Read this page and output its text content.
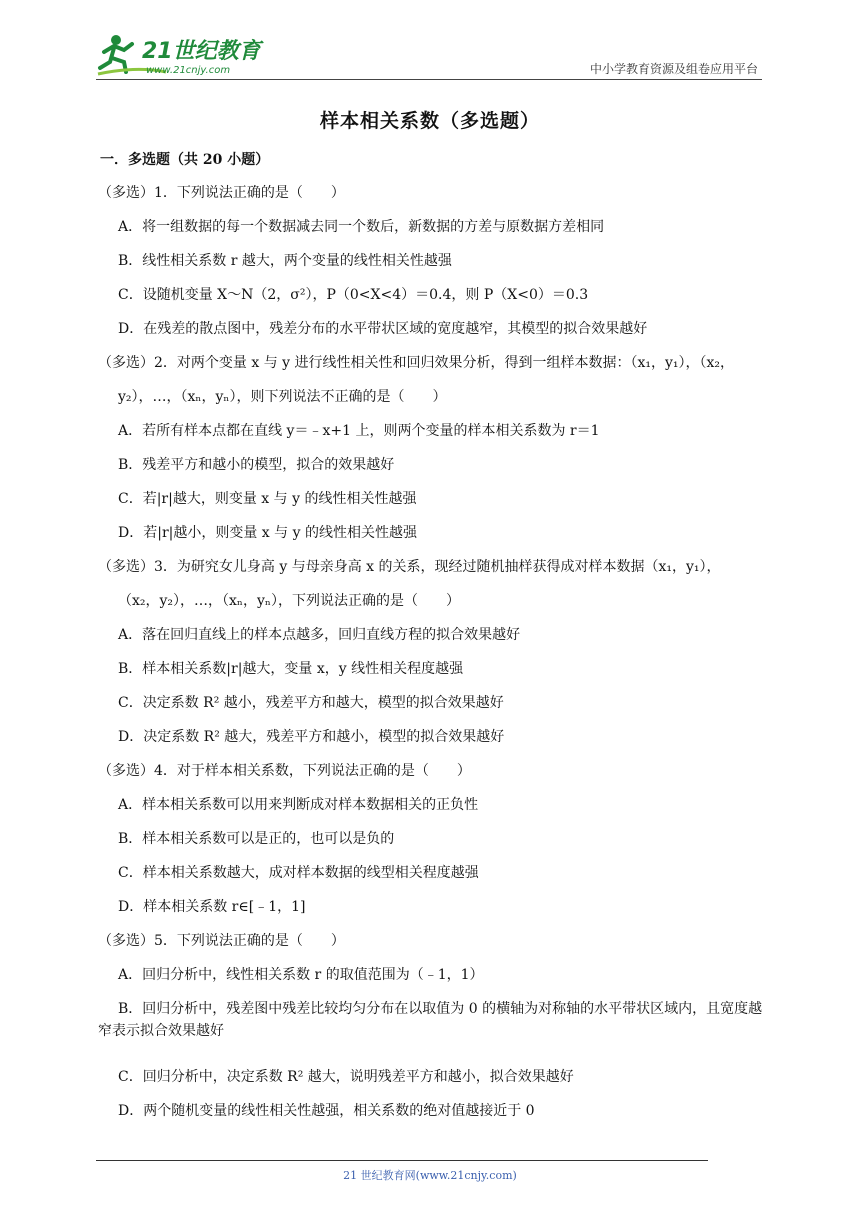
21世纪教育
www.21cnjy.com	中小学教育资源及组卷应用平台
样本相关系数（多选题）
一．多选题（共 20 小题）
（多选）1．下列说法正确的是（　　）
A．将一组数据的每一个数据减去同一个数后，新数据的方差与原数据方差相同
B．线性相关系数 r 越大，两个变量的线性相关性越强
C．设随机变量 X～N（2，σ²），P（0<X<4）＝0.4，则 P（X<0）＝0.3
D．在残差的散点图中，残差分布的水平带状区域的宽度越窄，其模型的拟合效果越好
（多选）2．对两个变量 x 与 y 进行线性相关性和回归效果分析，得到一组样本数据：（x₁，y₁），（x₂，
y₂），…，（xₙ，yₙ），则下列说法不正确的是（　　）
A．若所有样本点都在直线 y＝﹣x+1 上，则两个变量的样本相关系数为 r＝1
B．残差平方和越小的模型，拟合的效果越好
C．若|r|越大，则变量 x 与 y 的线性相关性越强
D．若|r|越小，则变量 x 与 y 的线性相关性越强
（多选）3．为研究女儿身高 y 与母亲身高 x 的关系，现经过随机抽样获得成对样本数据（x₁，y₁），
（x₂，y₂），…，（xₙ，yₙ），下列说法正确的是（　　）
A．落在回归直线上的样本点越多，回归直线方程的拟合效果越好
B．样本相关系数|r|越大，变量 x，y 线性相关程度越强
C．决定系数 R² 越小，残差平方和越大，模型的拟合效果越好
D．决定系数 R² 越大，残差平方和越小，模型的拟合效果越好
（多选）4．对于样本相关系数，下列说法正确的是（　　）
A．样本相关系数可以用来判断成对样本数据相关的正负性
B．样本相关系数可以是正的，也可以是负的
C．样本相关系数越大，成对样本数据的线型相关程度越强
D．样本相关系数 r∈[﹣1，1]
（多选）5．下列说法正确的是（　　）
A．回归分析中，线性相关系数 r 的取值范围为（﹣1，1）
B．回归分析中，残差图中残差比较均匀分布在以取值为 0 的横轴为对称轴的水平带状区域内，且宽度越窄表示拟合效果越好
C．回归分析中，决定系数 R² 越大，说明残差平方和越小，拟合效果越好
D．两个随机变量的线性相关性越强，相关系数的绝对值越接近于 0
21 世纪教育网(www.21cnjy.com)
